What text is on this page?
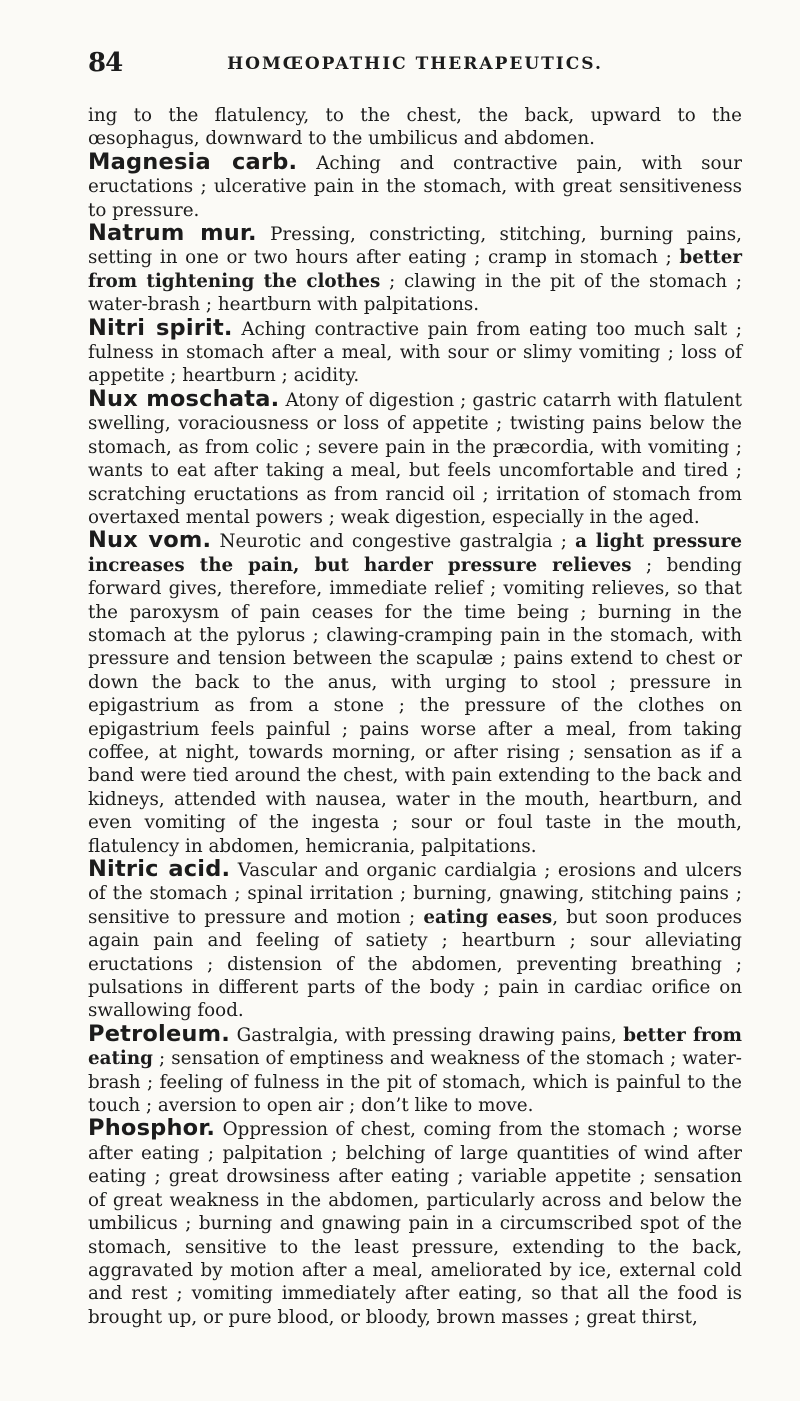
84	HOMŒOPATHIC THERAPEUTICS.

ing to the flatulency, to the chest, the back, upward to the œsophagus, downward to the umbilicus and abdomen.

Magnesia carb. Aching and contractive pain, with sour eructations ; ulcerative pain in the stomach, with great sensitiveness to pressure.

Natrum mur. Pressing, constricting, stitching, burning pains, setting in one or two hours after eating ; cramp in stomach ; better from tightening the clothes ; clawing in the pit of the stomach ; water-brash ; heartburn with palpitations.

Nitri spirit. Aching contractive pain from eating too much salt ; fulness in stomach after a meal, with sour or slimy vomiting ; loss of appetite ; heartburn ; acidity.

Nux moschata. Atony of digestion ; gastric catarrh with flatulent swelling, voraciousness or loss of appetite ; twisting pains below the stomach, as from colic ; severe pain in the præcordia, with vomiting ; wants to eat after taking a meal, but feels uncomfortable and tired ; scratching eructations as from rancid oil ; irritation of stomach from overtaxed mental powers ; weak digestion, especially in the aged.

Nux vom. Neurotic and congestive gastralgia ; a light pressure increases the pain, but harder pressure relieves ; bending forward gives, therefore, immediate relief ; vomiting relieves, so that the paroxysm of pain ceases for the time being ; burning in the stomach at the pylorus ; clawing-cramping pain in the stomach, with pressure and tension between the scapulæ ; pains extend to chest or down the back to the anus, with urging to stool ; pressure in epigastrium as from a stone ; the pressure of the clothes on epigastrium feels painful ; pains worse after a meal, from taking coffee, at night, towards morning, or after rising ; sensation as if a band were tied around the chest, with pain extending to the back and kidneys, attended with nausea, water in the mouth, heartburn, and even vomiting of the ingesta ; sour or foul taste in the mouth, flatulency in abdomen, hemicrania, palpitations.

Nitric acid. Vascular and organic cardialgia ; erosions and ulcers of the stomach ; spinal irritation ; burning, gnawing, stitching pains ; sensitive to pressure and motion ; eating eases, but soon produces again pain and feeling of satiety ; heartburn ; sour alleviating eructations ; distension of the abdomen, preventing breathing ; pulsations in different parts of the body ; pain in cardiac orifice on swallowing food.

Petroleum. Gastralgia, with pressing drawing pains, better from eating ; sensation of emptiness and weakness of the stomach ; water-brash ; feeling of fulness in the pit of stomach, which is painful to the touch ; aversion to open air ; don’t like to move.

Phosphor. Oppression of chest, coming from the stomach ; worse after eating ; palpitation ; belching of large quantities of wind after eating ; great drowsiness after eating ; variable appetite ; sensation of great weakness in the abdomen, particularly across and below the umbilicus ; burning and gnawing pain in a circumscribed spot of the stomach, sensitive to the least pressure, extending to the back, aggravated by motion after a meal, ameliorated by ice, external cold and rest ; vomiting immediately after eating, so that all the food is brought up, or pure blood, or bloody, brown masses ; great thirst,
